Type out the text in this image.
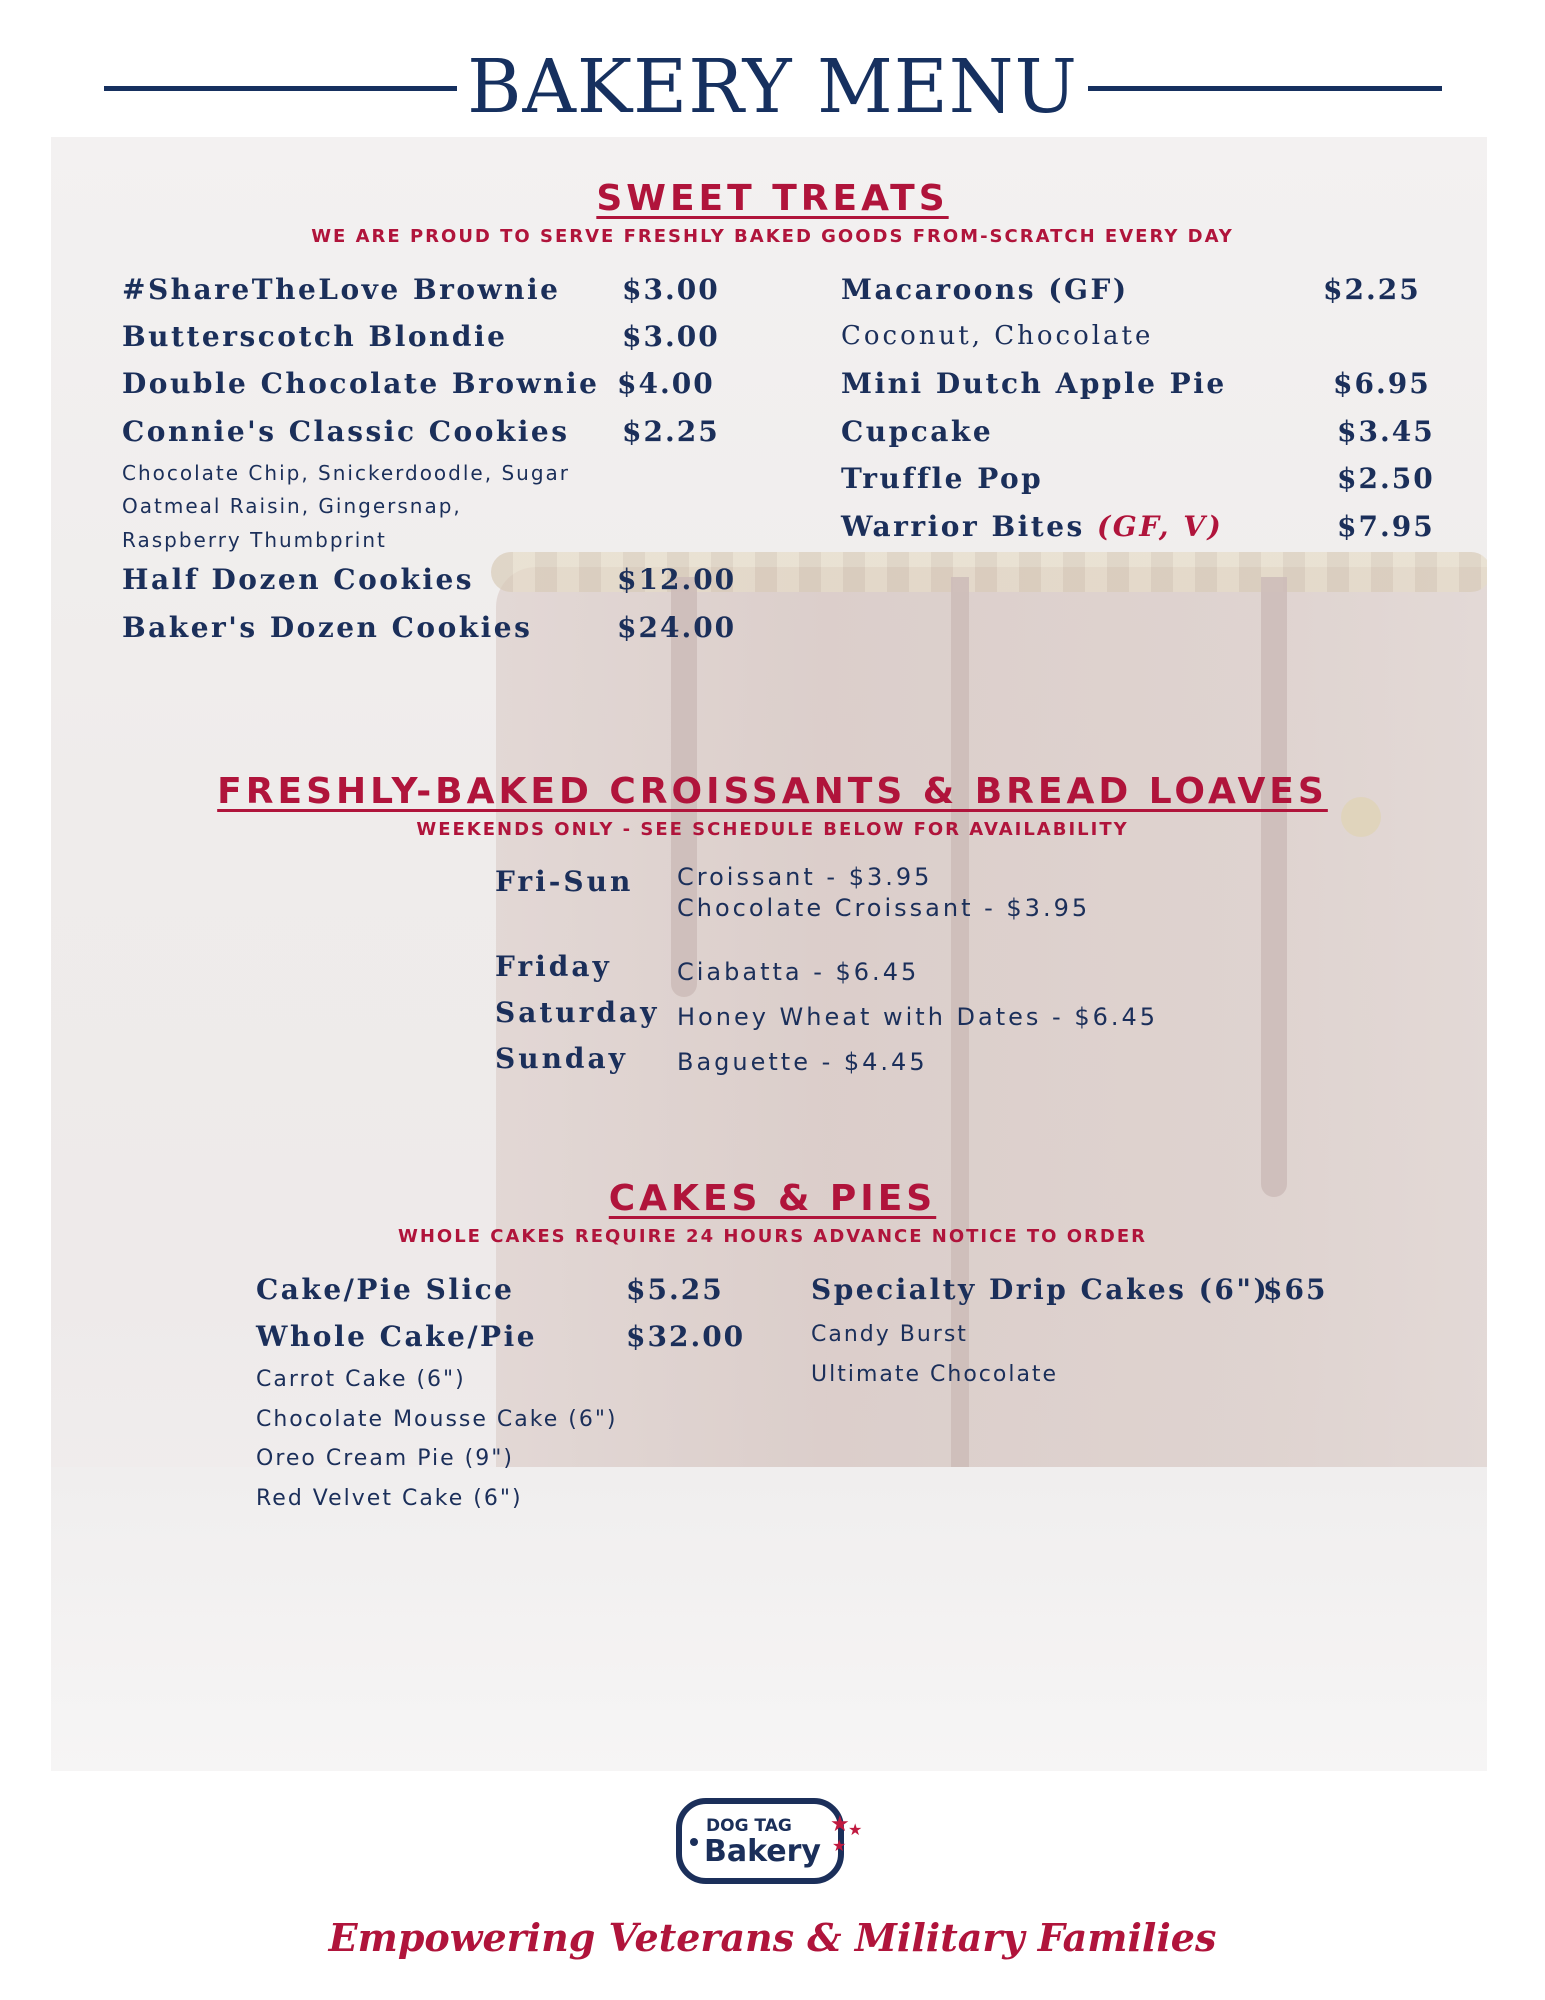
BAKERY MENU
SWEET TREATS
WE ARE PROUD TO SERVE FRESHLY BAKED GOODS FROM-SCRATCH EVERY DAY
#ShareTheLove Brownie $3.00
Butterscotch Blondie	$3.00
Double Chocolate Brownie $4.00
Connie's Classic Cookies $2.25
Chocolate Chip, Snickerdoodle, Sugar
Oatmeal Raisin, Gingersnap,
Raspberry Thumbprint
Half Dozen Cookies	$12.00
Baker's Dozen Cookies	$24.00
Macaroons (GF)	$2.25
Coconut, Chocolate
Mini Dutch Apple Pie	$6.95
Cupcake	$3.45
Truffle Pop	$2.50
Warrior Bites (GF, V)	$7.95
FRESHLY-BAKED CROISSANTS & BREAD LOAVES
WEEKENDS ONLY - SEE SCHEDULE BELOW FOR AVAILABILITY
Fri-Sun Croissant - $3.95
Chocolate Croissant - $3.95
Friday	Ciabatta - $6.45
Saturday Honey Wheat with Dates - $6.45
Sunday Baguette - $4.45
CAKES & PIES
WHOLE CAKES REQUIRE 24 HOURS ADVANCE NOTICE TO ORDER
Cake/Pie Slice	$5.25
Whole Cake/Pie	$32.00
Carrot Cake (6")
Chocolate Mousse Cake (6")
Oreo Cream Pie (9")
Red Velvet Cake (6")
Specialty Drip Cakes (6")
$65
Candy Burst
Ultimate Chocolate
DOG TAG
Bakery
★
★
★
Empowering Veterans & Military Families
